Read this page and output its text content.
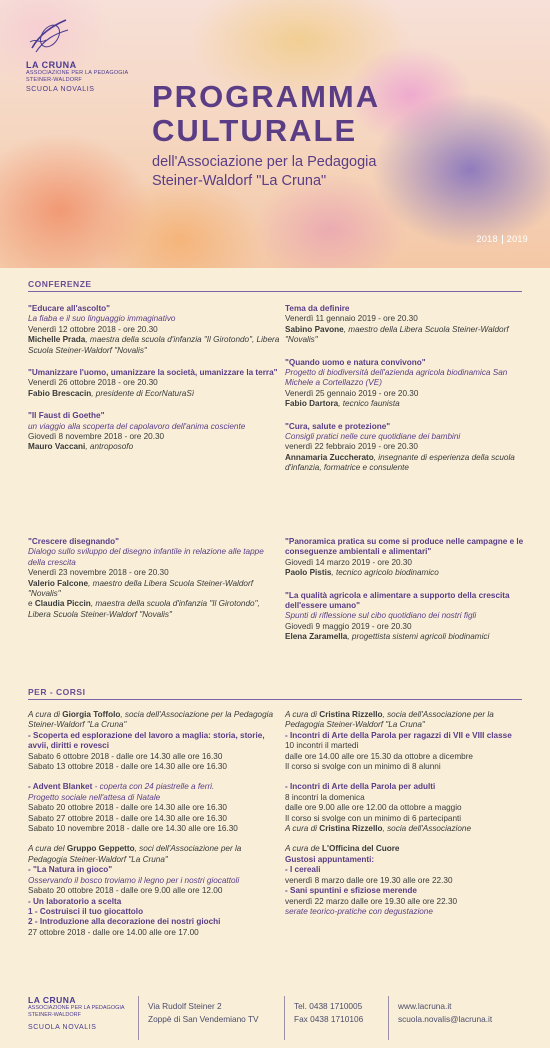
LA CRUNA
ASSOCIAZIONE PER LA PEDAGOGIA
STEINER-WALDORF
SCUOLA NOVALIS	PROGRAMMA
CULTURALE
dell'Associazione per la Pedagogia
Steiner-Waldorf "La Cruna"
2018 2019
CONFERENZE
"Educare all'ascolto"
La fiaba e il suo linguaggio immaginativo
Venerdì 12 ottobre 2018 - ore 20.30
Michelle Prada, maestra della scuola d'infanzia "Il Girotondo", Libera Scuola Steiner-Waldorf "Novalis"
"Umanizzare l'uomo, umanizzare la società, umanizzare la terra"
Venerdì 26 ottobre 2018 - ore 20.30
Fabio Brescacin, presidente di EcorNaturaSì
"Il Faust di Goethe"
un viaggio alla scoperta del capolavoro dell'anima cosciente
Giovedì 8 novembre 2018 - ore 20.30
Mauro Vaccani, antroposofo
Tema da definire
Venerdì 11 gennaio 2019 - ore 20.30
Sabino Pavone, maestro della Libera Scuola Steiner-Waldorf "Novalis"
"Quando uomo e natura convivono"
Progetto di biodiversità dell'azienda agricola biodinamica San Michele a Cortellazzo (VE)
Venerdì 25 gennaio 2019 - ore 20.30
Fabio Dartora, tecnico faunista
"Cura, salute e protezione"
Consigli pratici nelle cure quotidiane dei bambini
venerdì 22 febbraio 2019 - ore 20.30
Annamaria Zuccherato, insegnante di esperienza della scuola d'infanzia, formatrice e consulente
"Crescere disegnando"
Dialogo sullo sviluppo del disegno infantile in relazione alle tappe della crescita
Venerdì 23 novembre 2018 - ore 20.30
Valerio Falcone, maestro della Libera Scuola Steiner-Waldorf "Novalis"
e Claudia Piccin, maestra della scuola d'infanzia "Il Girotondo", Libera Scuola Steiner-Waldorf "Novalis"
"Panoramica pratica su come si produce nelle campagne e le conseguenze ambientali e alimentari"
Giovedì 14 marzo 2019 - ore 20.30
Paolo Pistis, tecnico agricolo biodinamico
"La qualità agricola e alimentare a supporto della crescita dell'essere umano"
Spunti di riflessione sul cibo quotidiano dei nostri figli
Giovedì 9 maggio 2019 - ore 20.30
Elena Zaramella, progettista sistemi agricoli biodinamici
PER - CORSI
A cura di Giorgia Toffolo, socia dell'Associazione per la Pedagogia Steiner-Waldorf "La Cruna"
- Scoperta ed esplorazione del lavoro a maglia: storia, storie, avvii, diritti e rovesci
Sabato 6 ottobre 2018 - dalle ore 14.30 alle ore 16.30
Sabato 13 ottobre 2018 - dalle ore 14.30 alle ore 16.30
- Advent Blanket - coperta con 24 piastrelle a ferri.
Progetto sociale nell'attesa di Natale
Sabato 20 ottobre 2018 - dalle ore 14.30 alle ore 16.30
Sabato 27 ottobre 2018 - dalle ore 14.30 alle ore 16.30
Sabato 10 novembre 2018 - dalle ore 14.30 alle ore 16.30
A cura del Gruppo Geppetto, soci dell'Associazione per la Pedagogia Steiner-Waldorf "La Cruna"
- "La Natura in gioco"
Osservando il bosco troviamo il legno per i nostri giocattoli
Sabato 20 ottobre 2018 - dalle ore 9.00 alle ore 12.00
- Un laboratorio a scelta
1 - Costruisci il tuo giocattolo
2 - Introduzione alla decorazione dei nostri giochi
27 ottobre 2018 - dalle ore 14.00 alle ore 17.00
A cura di Cristina Rizzello, socia dell'Associazione per la Pedagogia Steiner-Waldorf "La Cruna"
- Incontri di Arte della Parola per ragazzi di VII e VIII classe
10 incontri il martedì
dalle ore 14.00 alle ore 15.30 da ottobre a dicembre
Il corso si svolge con un minimo di 8 alunni
- Incontri di Arte della Parola per adulti
8 incontri la domenica
dalle ore 9.00 alle ore 12.00 da ottobre a maggio
Il corso si svolge con un minimo di 6 partecipanti
A cura di Cristina Rizzello, socia dell'Associazione
A cura de L'Officina del Cuore
Gustosi appuntamenti:
- I cereali
venerdì 8 marzo dalle ore 19.30 alle ore 22.30
- Sani spuntini e sfiziose merende
venerdì 22 marzo dalle ore 19.30 alle ore 22.30
serate teorico-pratiche con degustazione
LA CRUNA
ASSOCIAZIONE PER LA PEDAGOGIA
STEINER-WALDORF
SCUOLA NOVALIS
Via Rudolf Steiner 2
Zoppè di San Vendemiano TV
Tel. 0438 1710005
Fax 0438 1710106
www.lacruna.it
scuola.novalis@lacruna.it
